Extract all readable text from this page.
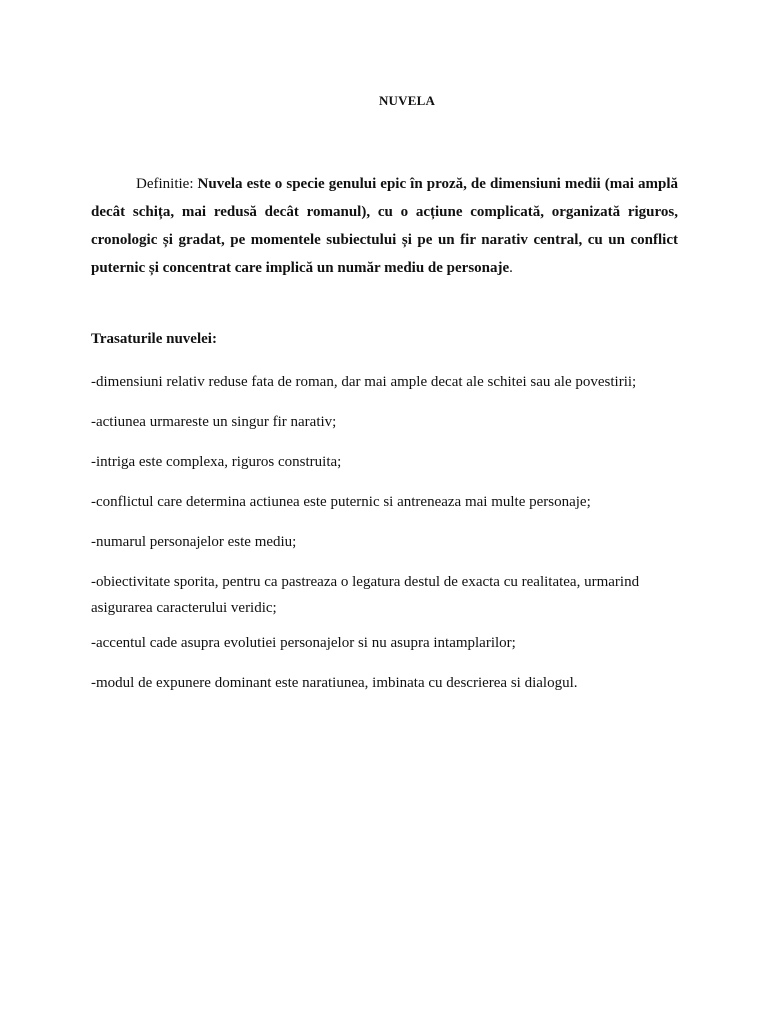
NUVELA

Definitie: Nuvela este o specie genului epic în proză, de dimensiuni medii (mai amplă decât schița, mai redusă decât romanul), cu o acțiune complicată, organizată riguros, cronologic și gradat, pe momentele subiectului și pe un fir narativ central, cu un conflict puternic și concentrat care implică un număr mediu de personaje.

Trasaturile nuvelei:
-dimensiuni relativ reduse fata de roman, dar mai ample decat ale schitei sau ale povestirii;
-actiunea urmareste un singur fir narativ;
-intriga este complexa, riguros construita;
-conflictul care determina actiunea este puternic si antreneaza mai multe personaje;
-numarul personajelor este mediu;
-obiectivitate sporita, pentru ca pastreaza o legatura destul de exacta cu realitatea, urmarind asigurarea caracterului veridic;
-accentul cade asupra evolutiei personajelor si nu asupra intamplarilor;
-modul de expunere dominant este naratiunea, imbinata cu descrierea si dialogul.
